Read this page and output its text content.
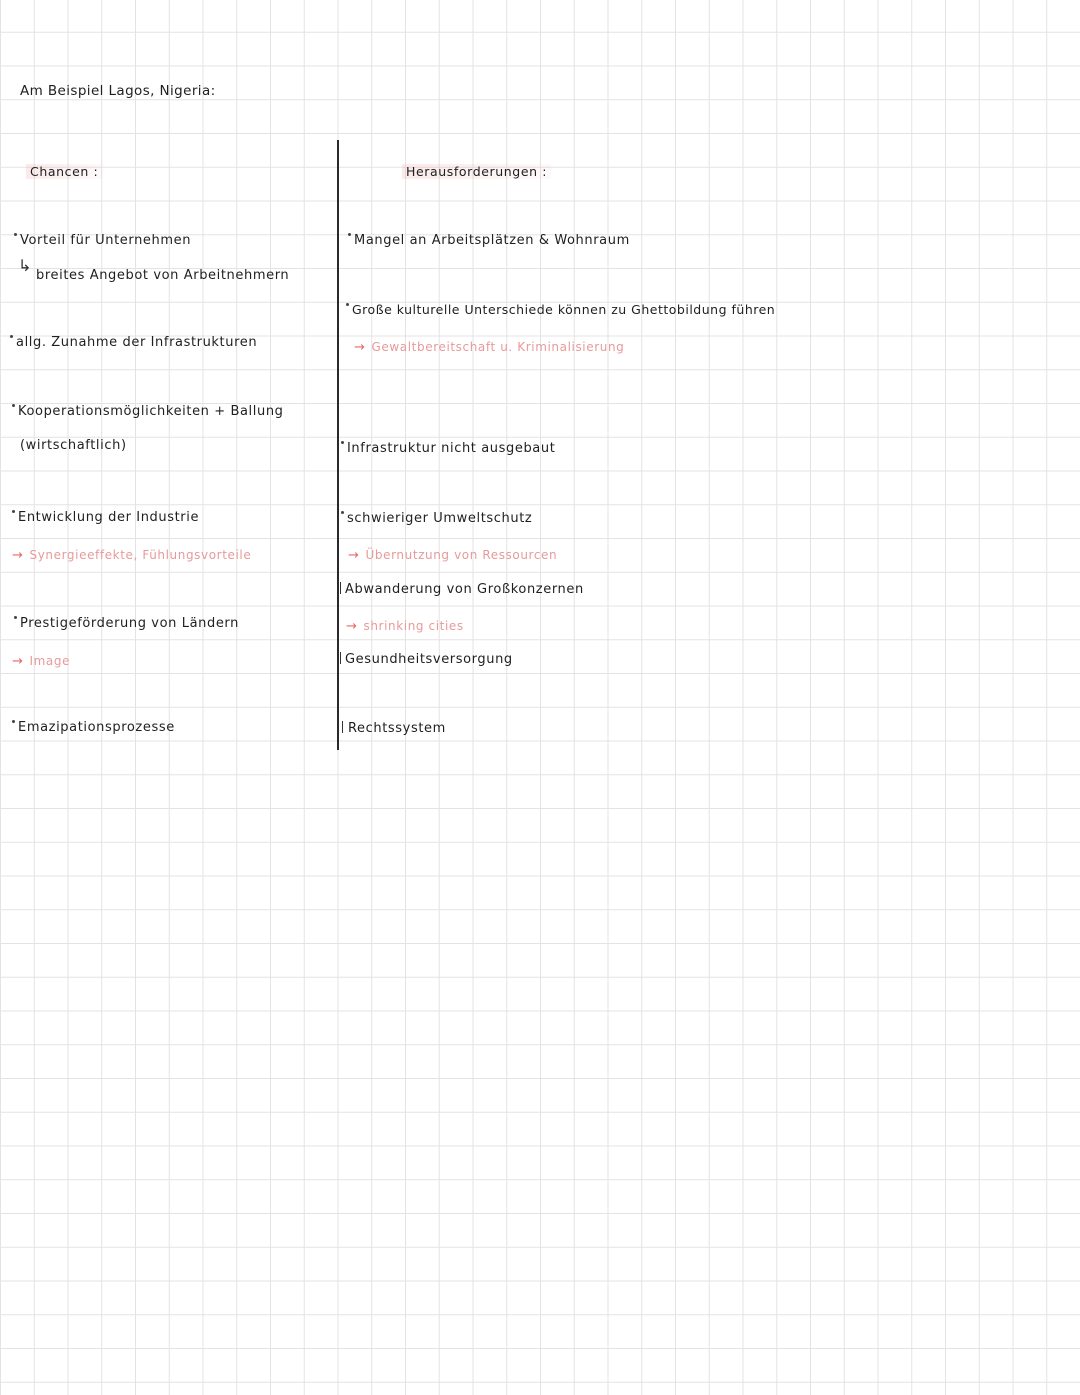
Am Beispiel Lagos, Nigeria:
Chancen :
Vorteil für Unternehmen
↳
breites Angebot von Arbeitnehmern
allg. Zunahme der Infrastrukturen
Kooperationsmöglichkeiten + Ballung
(wirtschaftlich)
Entwicklung der Industrie
→ Synergieeffekte, Fühlungsvorteile
Prestigeförderung von Ländern
→ Image
Emazipationsprozesse
Herausforderungen :
Mangel an Arbeitsplätzen & Wohnraum
Große kulturelle Unterschiede können zu Ghettobildung führen
→ Gewaltbereitschaft u. Kriminalisierung
Infrastruktur nicht ausgebaut
schwieriger Umweltschutz
→ Übernutzung von Ressourcen
Abwanderung von Großkonzernen
→ shrinking cities
Gesundheitsversorgung
Rechtssystem
